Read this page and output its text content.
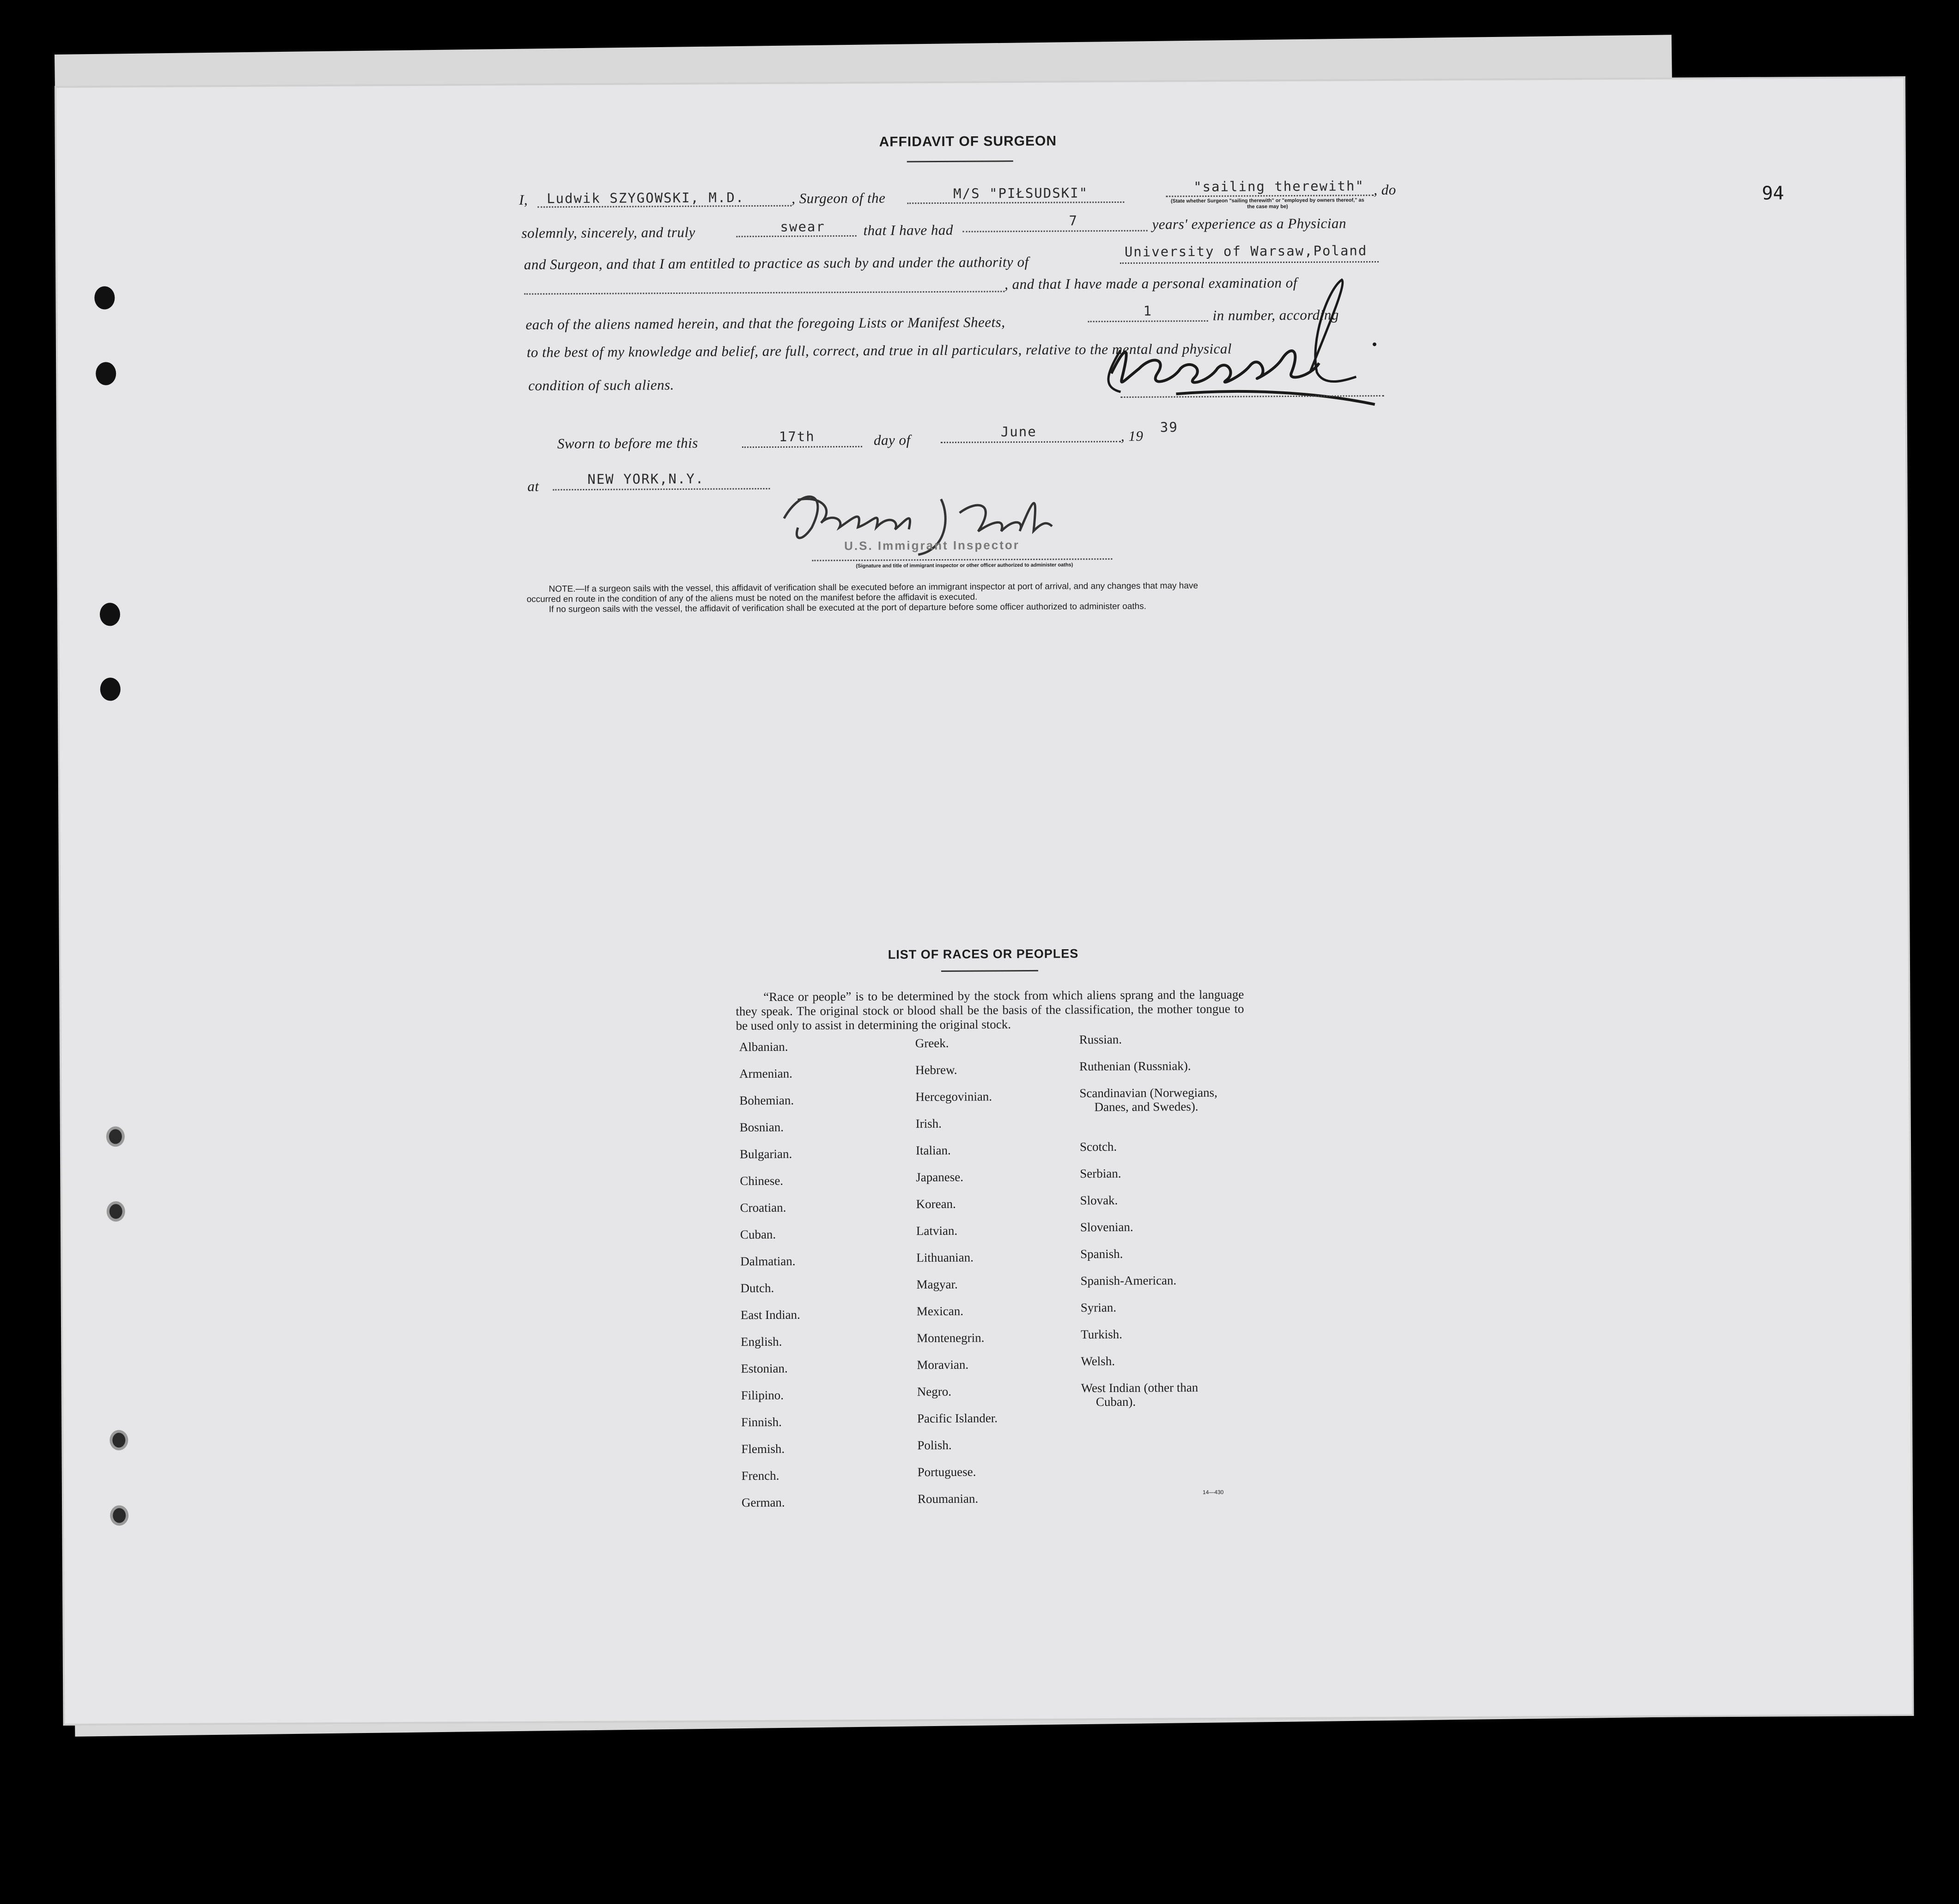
94
AFFIDAVIT OF SURGEON
I, Ludwik SZYGOWSKI, M.D.	, Surgeon of the	M/S "PIŁSUDSKI"	"sailing therewith"
(State whether Surgeon "sailing therewith" or "employed by owners thereof," as the case may be)
, do
solemnly, sincerely, and truly	swear	that I have had
7	years' experience as a Physician
and Surgeon, and that I am entitled to practice as such by and under the authority of
University of Warsaw,Poland
, and that I have made a personal examination of
each of the aliens named herein, and that the foregoing Lists or Manifest Sheets,
1	in number, according
to the best of my knowledge and belief, are full, correct, and true in all particulars, relative to the mental and physical
condition of such aliens.
Sworn to before me this	17th	day of
June	, 19
39
at	NEW YORK,N.Y.
U.S. Immigrant Inspector
(Signature and title of immigrant inspector or other officer authorized to administer oaths)
NOTE.—If a surgeon sails with the vessel, this affidavit of verification shall be executed before an immigrant inspector at port of arrival, and any changes that may have
occurred en route in the condition of any of the aliens must be noted on the manifest before the affidavit is executed.
If no surgeon sails with the vessel, the affidavit of verification shall be executed at the port of departure before some officer authorized to administer oaths.
LIST OF RACES OR PEOPLES
“Race or people” is to be determined by the stock from which aliens sprang and the language they speak. The original stock or blood shall be the basis of the classification, the mother tongue to be used only to assist in determining the original stock.
Albanian.
Armenian.
Bohemian.
Bosnian.
Bulgarian.
Chinese.
Croatian.
Cuban.
Dalmatian.
Dutch.
East Indian.
English.
Estonian.
Filipino.
Finnish.
Flemish.
French.
German.
Greek.
Hebrew.
Hercegovinian.
Irish.
Italian.
Japanese.
Korean.
Latvian.
Lithuanian.
Magyar.
Mexican.
Montenegrin.
Moravian.
Negro.
Pacific Islander.
Polish.
Portuguese.
Roumanian.
Russian.
Ruthenian (Russniak).
Scandinavian (Norwegians,
Danes, and Swedes).
Scotch.
Serbian.
Slovak.
Slovenian.
Spanish.
Spanish-American.
Syrian.
Turkish.
Welsh.
West Indian (other than
Cuban).
14—430
